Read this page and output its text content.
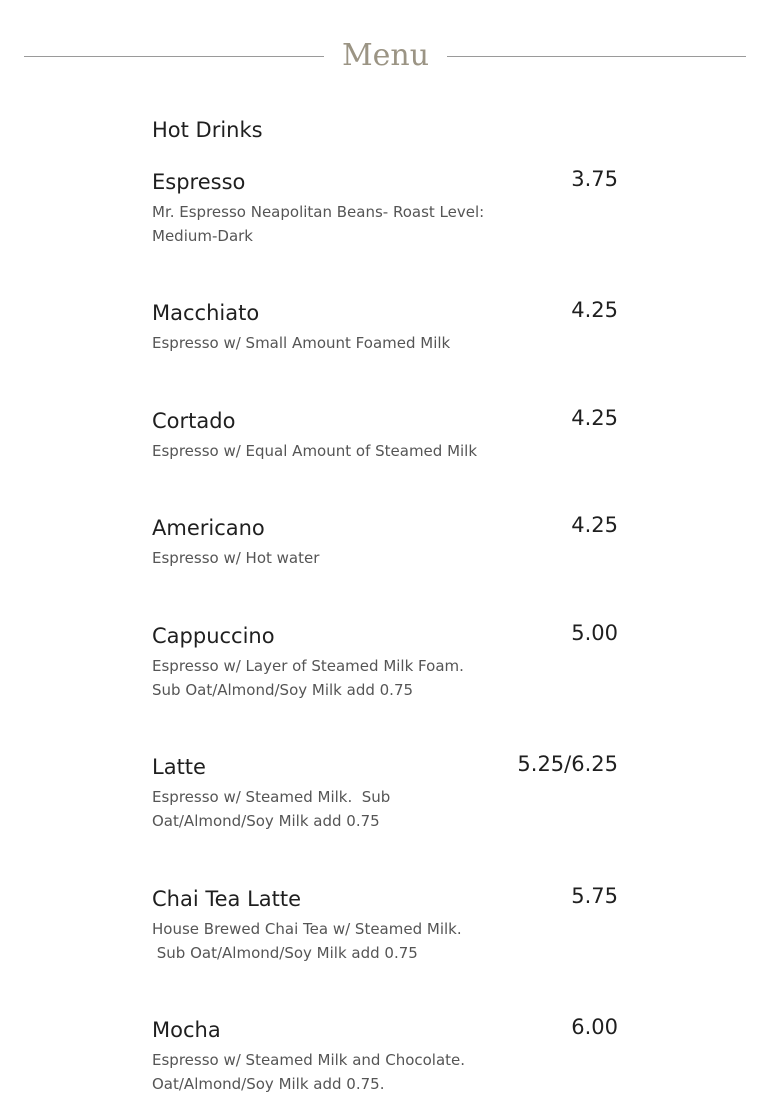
Menu
Hot Drinks
Espresso	3.75
Mr. Espresso Neapolitan Beans- Roast Level: Medium-Dark
Macchiato	4.25
Espresso w/ Small Amount Foamed Milk
Cortado	4.25
Espresso w/ Equal Amount of Steamed Milk
Americano	4.25
Espresso w/ Hot water
Cappuccino	5.00
Espresso w/ Layer of Steamed Milk Foam. Sub Oat/Almond/Soy Milk add 0.75
Latte	5.25/6.25
Espresso w/ Steamed Milk.  Sub Oat/Almond/Soy Milk add 0.75
Chai Tea Latte	5.75
House Brewed Chai Tea w/ Steamed Milk.
Sub Oat/Almond/Soy Milk add 0.75
Mocha	6.00
Espresso w/ Steamed Milk and Chocolate. Oat/Almond/Soy Milk add 0.75.
